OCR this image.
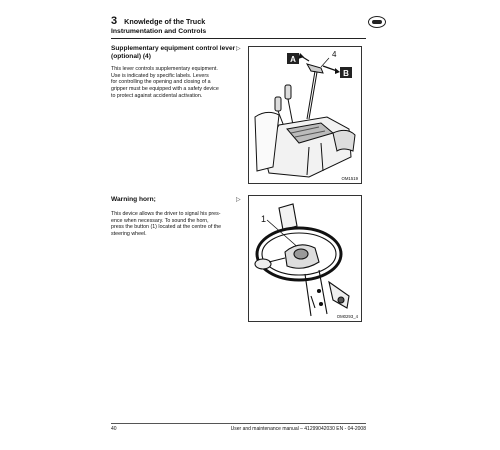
3 Knowledge of the Truck
Instrumentation and Controls
Supplementary equipment control lever (optional) (4)
▷
This lever controls supplementary equipment.
Use is indicated by specific labels. Levers
for controlling the opening and closing of a
gripper must be equipped with a safety device
to protect against accidental activation.
A
B
4
OM1519
Warning horn;	▷
This device allows the driver to signal his pres-
ence when necessary. To sound the horn,
press the button (1) located at the centre of the
steering wheel.
1
OM0293_4
40	User and maintenance manual – 41299042030 EN - 04-2008
